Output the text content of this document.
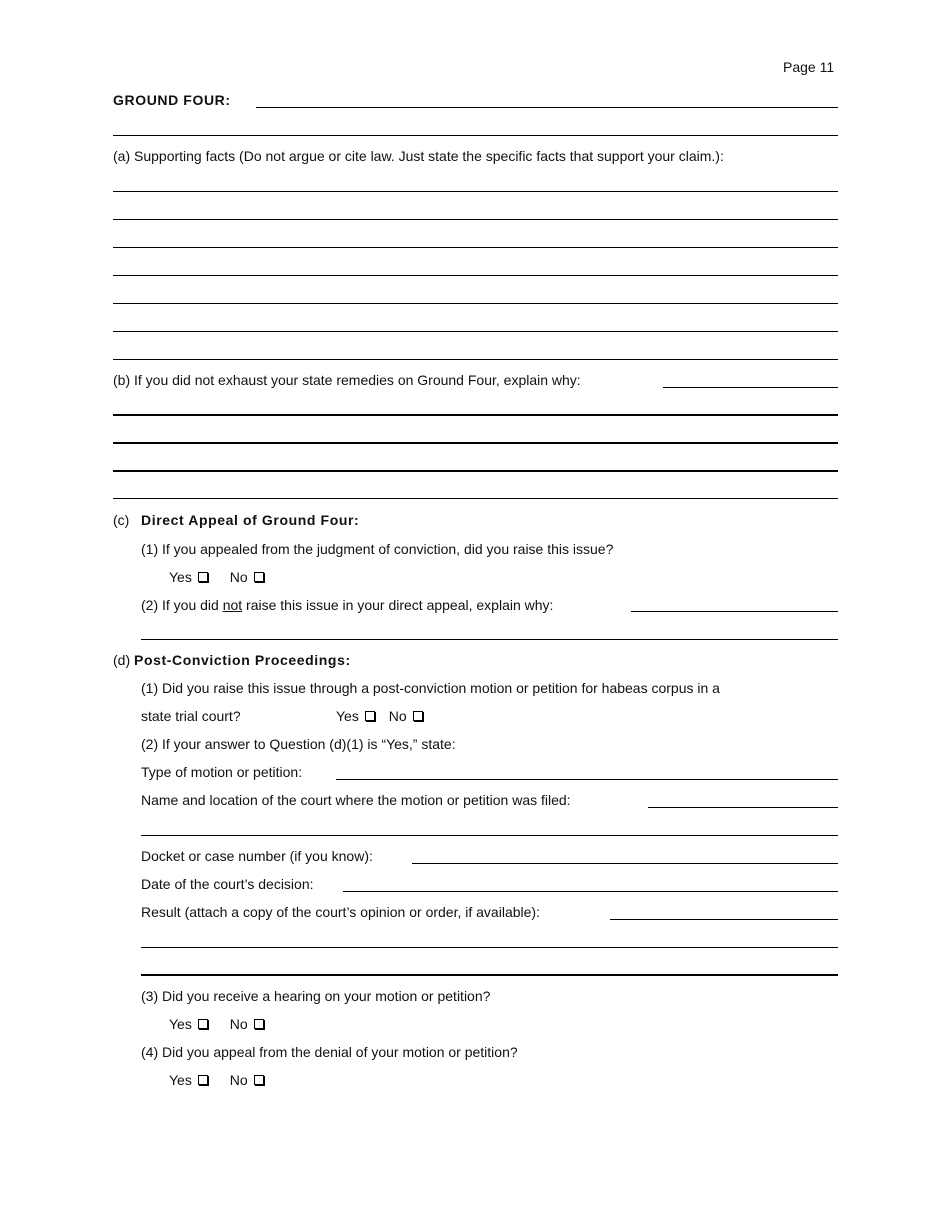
Page 11
GROUND FOUR:
(a) Supporting facts (Do not argue or cite law. Just state the specific facts that support your claim.):
(b) If you did not exhaust your state remedies on Ground Four, explain why:
(c) Direct Appeal of Ground Four:
(1) If you appealed from the judgment of conviction, did you raise this issue?
Yes	No
(2) If you did not raise this issue in your direct appeal, explain why:
(d) Post-Conviction Proceedings:
(1) Did you raise this issue through a post-conviction motion or petition for habeas corpus in a
state trial court?	Yes No
(2) If your answer to Question (d)(1) is “Yes,” state:
Type of motion or petition:
Name and location of the court where the motion or petition was filed:
Docket or case number (if you know):
Date of the court’s decision:
Result (attach a copy of the court’s opinion or order, if available):
(3) Did you receive a hearing on your motion or petition?
Yes	No
(4) Did you appeal from the denial of your motion or petition?
Yes	No
